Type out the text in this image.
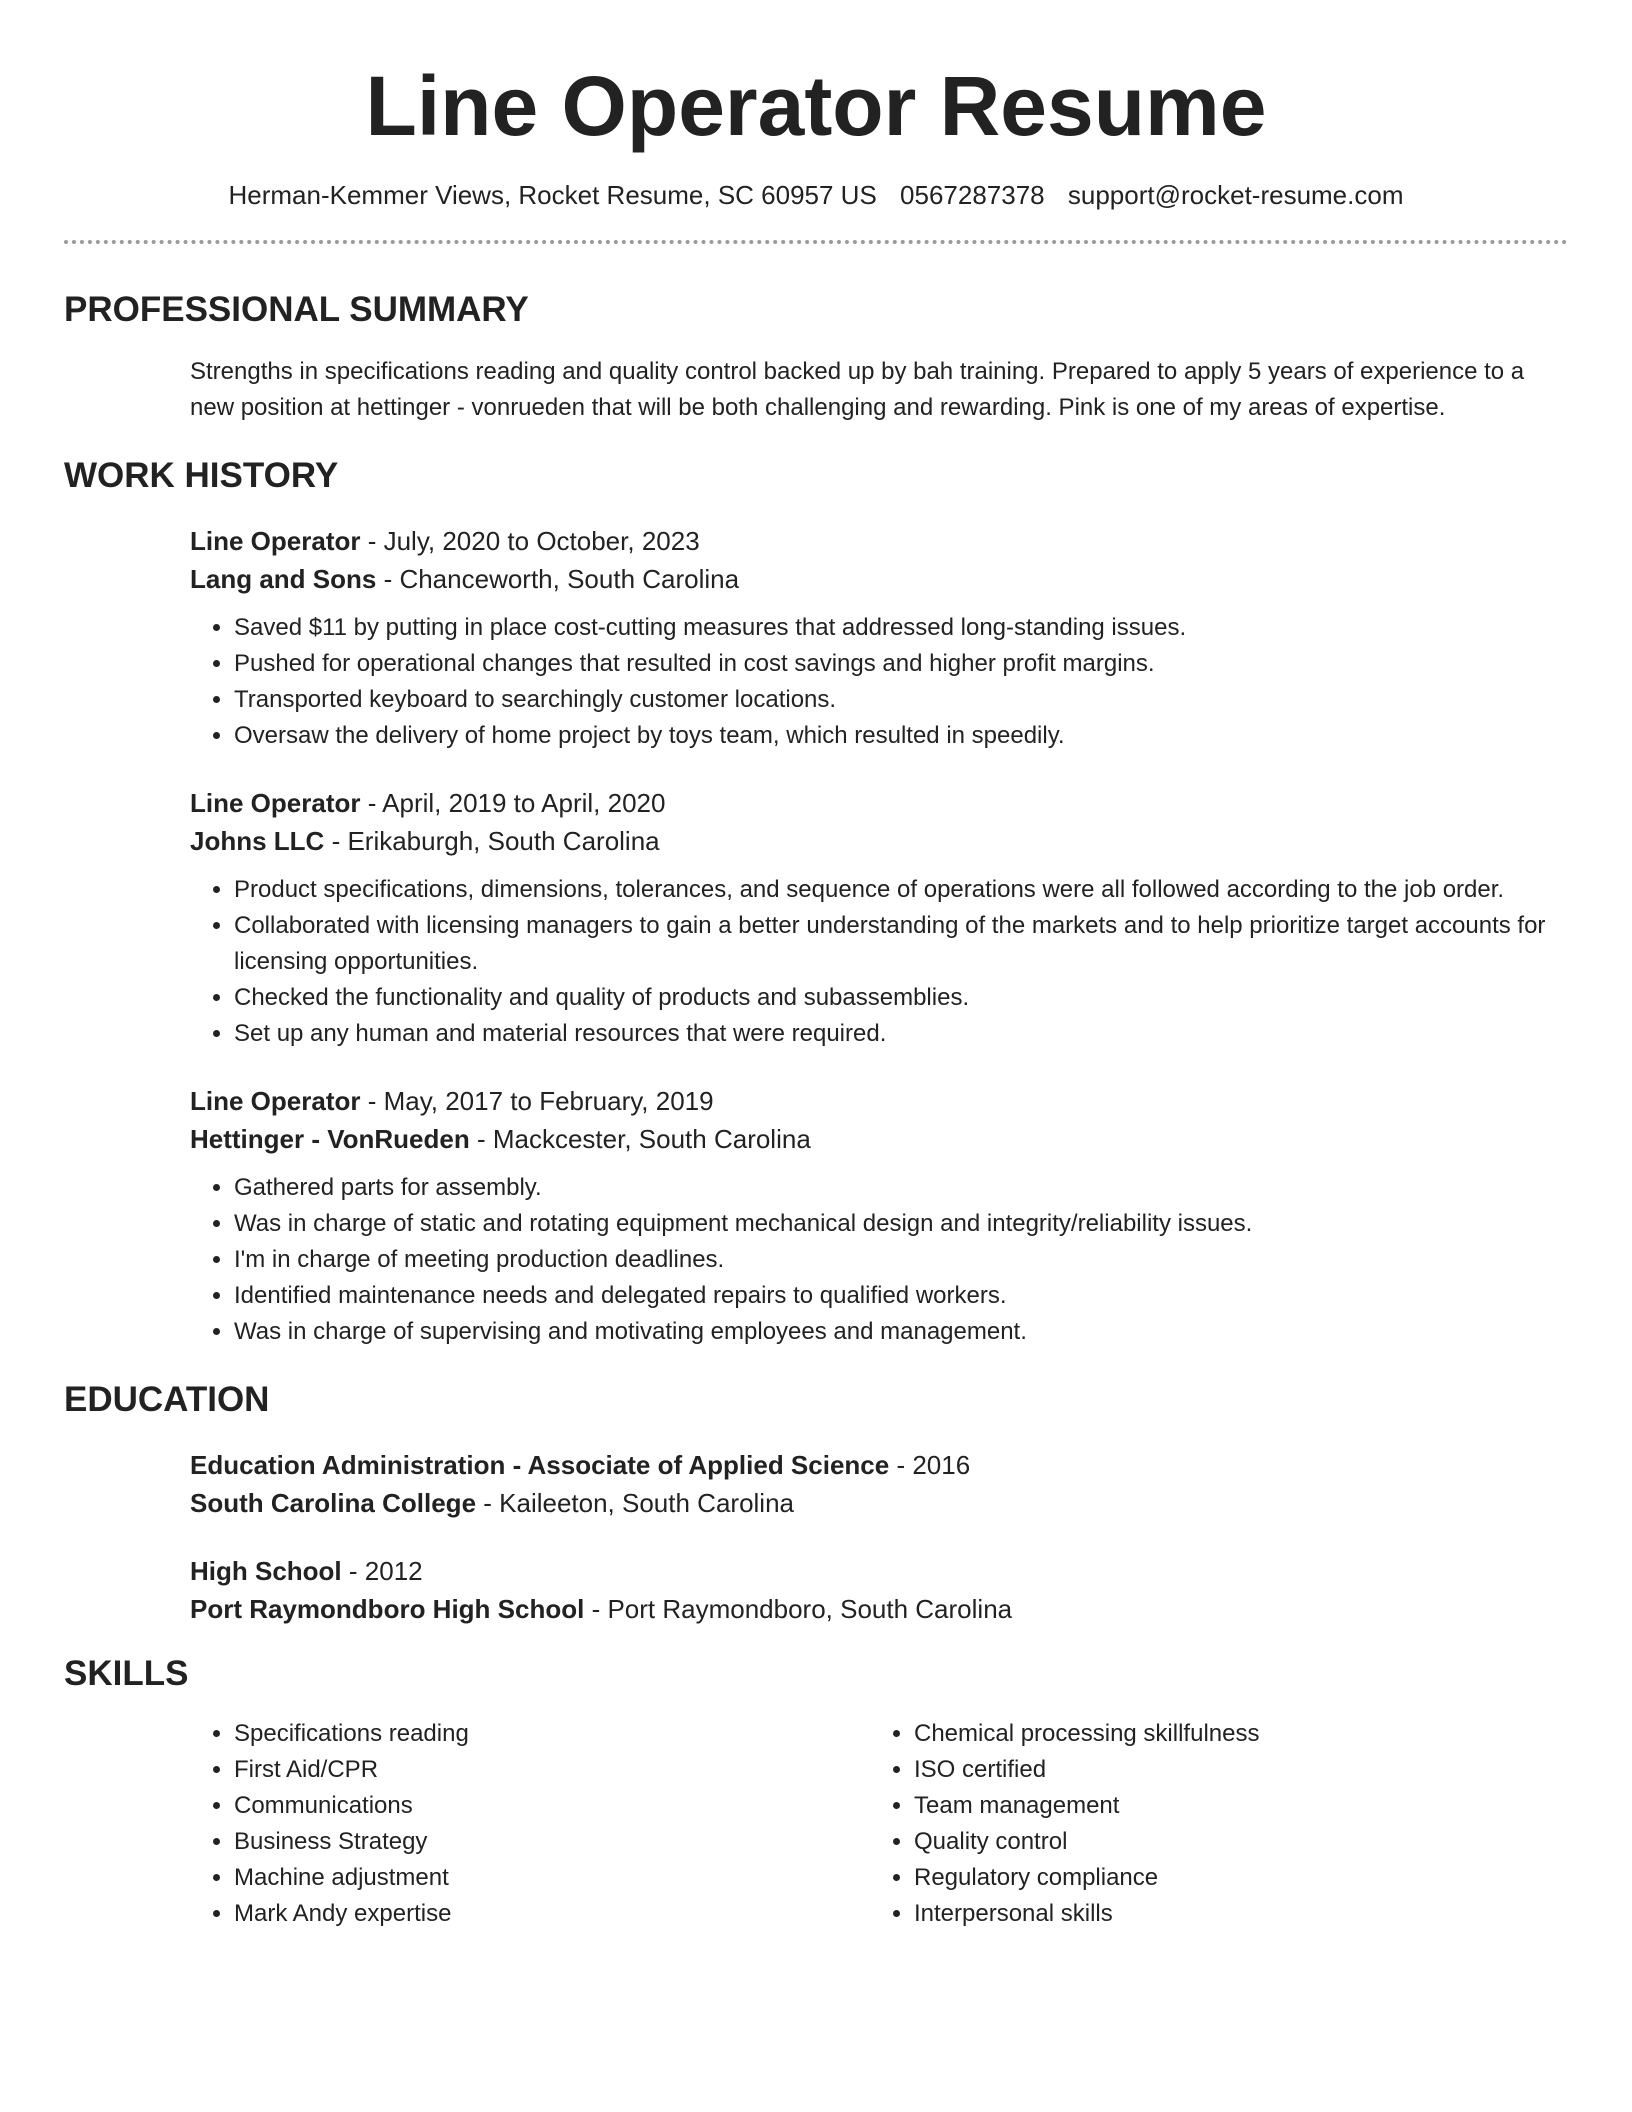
Line Operator Resume
Herman-Kemmer Views, Rocket Resume, SC 60957 US 0567287378 support@rocket-resume.com
PROFESSIONAL SUMMARY
Strengths in specifications reading and quality control backed up by bah training. Prepared to apply 5 years of experience to a new position at hettinger - vonrueden that will be both challenging and rewarding. Pink is one of my areas of expertise.
WORK HISTORY
Line Operator - July, 2020 to October, 2023
Lang and Sons - Chanceworth, South Carolina
• Saved $11 by putting in place cost-cutting measures that addressed long-standing issues.
• Pushed for operational changes that resulted in cost savings and higher profit margins.
• Transported keyboard to searchingly customer locations.
• Oversaw the delivery of home project by toys team, which resulted in speedily.
Line Operator - April, 2019 to April, 2020
Johns LLC - Erikaburgh, South Carolina
• Product specifications, dimensions, tolerances, and sequence of operations were all followed according to the job order.
• Collaborated with licensing managers to gain a better understanding of the markets and to help prioritize target accounts for licensing opportunities.
• Checked the functionality and quality of products and subassemblies.
• Set up any human and material resources that were required.
Line Operator - May, 2017 to February, 2019
Hettinger - VonRueden - Mackcester, South Carolina
• Gathered parts for assembly.
• Was in charge of static and rotating equipment mechanical design and integrity/reliability issues.
• I'm in charge of meeting production deadlines.
• Identified maintenance needs and delegated repairs to qualified workers.
• Was in charge of supervising and motivating employees and management.
EDUCATION
Education Administration - Associate of Applied Science - 2016
South Carolina College - Kaileeton, South Carolina
High School - 2012
Port Raymondboro High School - Port Raymondboro, South Carolina
SKILLS
• Specifications reading
• First Aid/CPR
• Communications
• Business Strategy
• Machine adjustment
• Mark Andy expertise
• Chemical processing skillfulness
• ISO certified
• Team management
• Quality control
• Regulatory compliance
• Interpersonal skills
